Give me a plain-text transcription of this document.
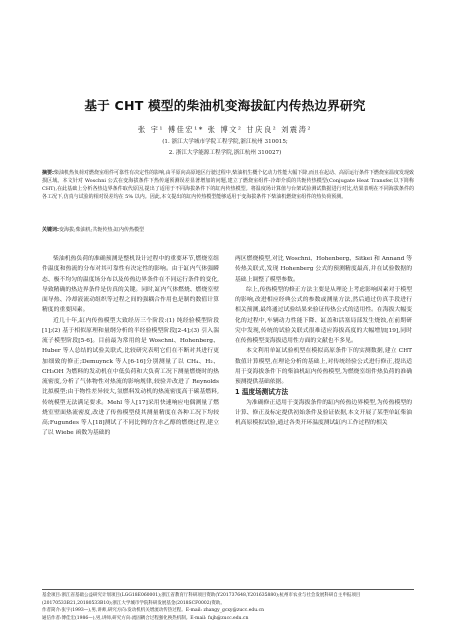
基于 CHT 模型的柴油机变海拔缸内传热边界研究
张 宇¹ 傅佳宏¹* 张 博文² 甘庆良² 刘震涛²
(1. 浙江大学城市学院工程学院,浙江杭州 310015;
2. 浙江大学能源工程学院,浙江杭州 310027)
摘要:柴油机热负荷对燃烧室组件可靠性有决定性的影响,由平原向高原地区行驶过程中,柴油机生概个亿动力性能大幅下降,而且在起动、高原运行条件下燃烧室温度发现致损区域。本文针对 Woschni 公式在变海拔条件下热传递预测误差显著增加的问题,建立了燃烧室组件-冷却介质的共轭传热模型(Conjugate Heat Transfer,以下简称 CHT),在此基础上分析各热边界条件取代原因,提出了适用于不同海拔条件下的缸内传热模型。将温度场计算值与台架试验测试数据进行对比,结果表明在不同海拔条件的各工况下,仿真与试验的相对误差均在 5% 以内。因此,本文提出的缸内传热模型能够适用于变海拔条件下柴油机燃烧室组件的热负荷预测。
关键词:变海拔;柴油机;共轭传热;缸内传热模型

柴油机热负荷的准确预测是整机设计过程中的重要环节,燃烧室组件温度和热流的分布对其可靠性有决定性的影响。由于缸内气体强瞬态、极不均匀的温度场分布以及传热边界条件在不同运行条件的变化,导致精确的热边界条件是仿真的关键。同时,缸内气体燃烧、燃烧室壁面导热、冷却液流动组织等过程之间的强耦合作用也是制约数值计算精度的重要因素。

近几十年,缸内传热模型大致经历三个阶段:(1) 纯经验模型阶段[1];(2) 基于相似原理和量纲分析的半经验模型阶段[2-4];(3) 引入湍流子模型阶段[5-6]。目前最为常用的是 Woschni、Hohenberg、Huber 等人总结的试验关联式,比较研究表明它们在不断对其进行更加细致的修正;Demuynck 等人[6-16]分别测量了以 CH₄、H₂、CH₃OH 为燃料的发动机在中低负荷和大负荷工况下测量燃烧时的热流密度,分析了气体物性对热流的影响规律,较验并改进了 Reynolds 比拟模型;由于物性差异较大,氢燃料发动机的热流密度高于碳基燃料,传统模型无法满足要求。Mehl 等人[17]采用快速响应电偶测量了燃烧室壁面热流密度,改进了传热模型使其测量精度在各种工况下均较高;Fugundes 等人[18]测试了不同比例的含水乙醇的燃烧过程,建立了以 Wiebe 函数为基础的

两区燃烧模型,对比 Woschni、Hohenberg、Sitkei 和 Annand 等传热关联式,发现 Hohenberg 公式的预测精度最高,并在试验数据的基础上调整了模型参数。

综上,传热模型的修正方法主要是从理论上考虑影响因素对于模型的影响,改进相应经典公式的参数或测量方法,然后通过仿真手段进行相关预测,最终通过试验结果来验证传热公式的适用性。在海拔大幅变化的过程中,车辆动力性能下降、缸盖和活塞局部发生烧蚀,在前期研究中发现,传统的试验关联式很难适应海拔高度的大幅增加[19],同时在传热模型变海拔适用性方面的文献也不多见。

本文利用单缸试验机型在模拟高原条件下的实测数据,建立 CHT 数值计算模型,在理论分析的基础上,对传统经验公式进行修正,提出适用于变海拔条件下的柴油机缸内传热模型,为燃烧室组件热负荷的准确预测提供基础依据。

1 温度场测试方法

为准确修正适用于变海拔条件的缸内传热边界模型,为传热模型的计算、修正及标定提供初始条件及验证依据,本文开展了某型单缸柴油机高原模拟试验,通过各类开环温度测试缸内工作过程的相关

基金项目:浙江省基础公益研究计划项目(LGG18E060001);浙江省教育厅科研项目资助(Y201737648,Y201635880);杭州市农业与社会发展科研自主申报项目(20170533B21,20180533B10);浙江大学城市学院科研发展基金(2018SCF0002)资助。
作者简介:张宇(1993—),男,讲师,研究方向:发动机机关增流动传热过程。E-mail: zhangy_gcxy@zucc.edu.cn
通信作者:傅佳宏(1986—),男,讲师,研究方向:流固耦合过程强化换热机制。E-mail: fujh@zucc.edu.cn
